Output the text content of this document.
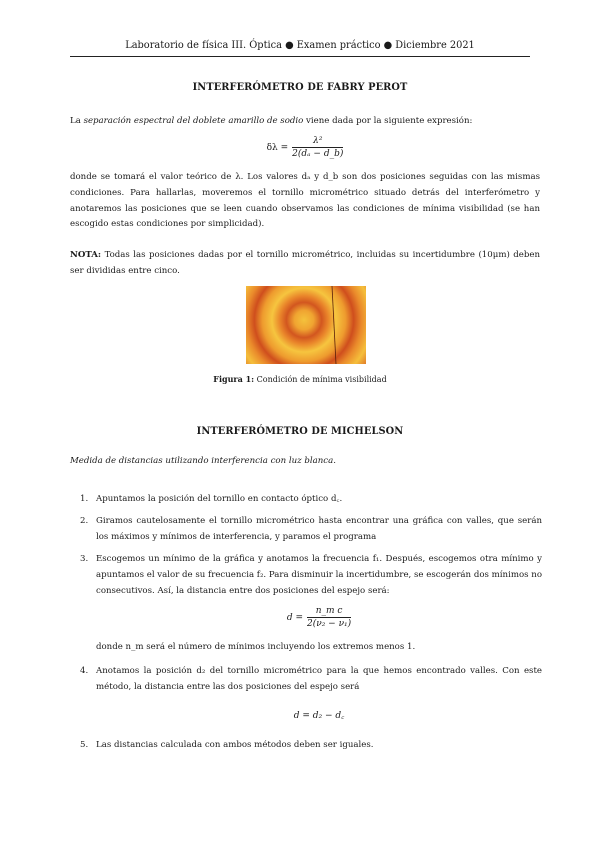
Laboratorio de física III. Óptica ● Examen práctico ● Diciembre 2021
INTERFERÓMETRO DE FABRY PEROT
La separación espectral del doblete amarillo de sodio viene dada por la siguiente expresión:
$\delta\lambda = \frac{\text{λ²}}{\text{2(dₐ − d\_b)}}$
donde se tomará el valor teórico de λ. Los valores dₐ y d_b son dos posiciones seguidas con las mismas condiciones. Para hallarlas, moveremos el tornillo micrométrico situado detrás del interferómetro y anotaremos las posiciones que se leen cuando observamos las condiciones de mínima visibilidad (se han escogido estas condiciones por simplicidad).
NOTA: Todas las posiciones dadas por el tornillo micrométrico, incluidas su incertidumbre (10μm) deben ser divididas entre cinco.
Figura 1: Condición de mínima visibilidad
INTERFERÓMETRO DE MICHELSON
Medida de distancias utilizando interferencia con luz blanca.
1. Apuntamos la posición del tornillo en contacto óptico d꜀.
2. Giramos cautelosamente el tornillo micrométrico hasta encontrar una gráfica con valles, que serán los máximos y mínimos de interferencia, y paramos el programa
3. Escogemos un mínimo de la gráfica y anotamos la frecuencia f₁. Después, escogemos otra mínimo y apuntamos el valor de su frecuencia f₂. Para disminuir la incertidumbre, se escogerán dos mínimos no consecutivos. Así, la distancia entre dos posiciones del espejo será:
$d = \frac{\text{n\_m c}}{\text{2(ν₂ − ν₁)}}$
donde n_m será el número de mínimos incluyendo los extremos menos 1.
4. Anotamos la posición d₂ del tornillo micrométrico para la que hemos encontrado valles. Con este método, la distancia entre las dos posiciones del espejo será
d = d₂ − d꜀
5. Las distancias calculada con ambos métodos deben ser iguales.
